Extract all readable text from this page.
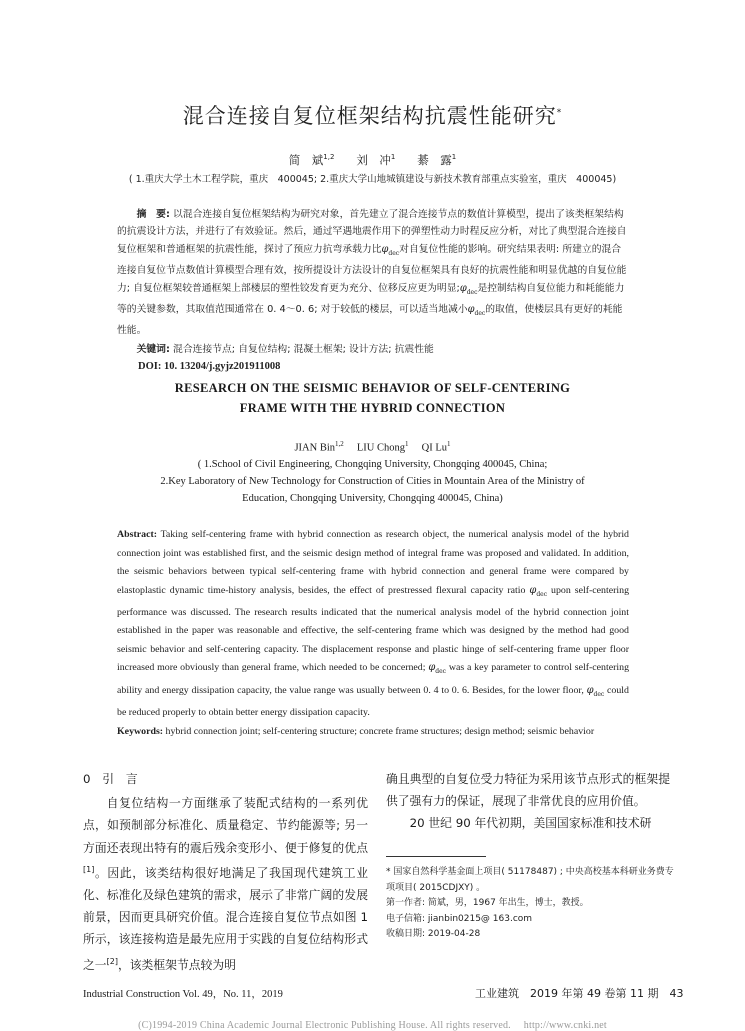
混合连接自复位框架结构抗震性能研究*
简　斌$^{1,2}$ 刘　冲$^1$ 綦　露$^1$
( 1.重庆大学土木工程学院，重庆　400045; 2.重庆大学山地城镇建设与新技术教育部重点实验室，重庆　400045)
摘　要: 以混合连接自复位框架结构为研究对象，首先建立了混合连接节点的数值计算模型，提出了该类框架结构的抗震设计方法，并进行了有效验证。然后，通过罕遇地震作用下的弹塑性动力时程反应分析，对比了典型混合连接自复位框架和普通框架的抗震性能，探讨了预应力抗弯承载力比$\varphi_{dec}$对自复位性能的影响。研究结果表明: 所建立的混合连接自复位节点数值计算模型合理有效，按所提设计方法设计的自复位框架具有良好的抗震性能和明显优越的自复位能力; 自复位框架较普通框架上部楼层的塑性铰发育更为充分、位移反应更为明显$;\varphi_{dec}$是控制结构自复位能力和耗能能力等的关键参数，其取值范围通常在 0. 4～0. 6; 对于较低的楼层，可以适当地减小$\varphi_{dec}$的取值，使楼层具有更好的耗能性能。
关键词: 混合连接节点; 自复位结构; 混凝土框架; 设计方法; 抗震性能
DOI: 10. 13204/j.gyjz201911008
RESEARCH ON THE SEISMIC BEHAVIOR OF SELF-CENTERING
FRAME WITH THE HYBRID CONNECTION
JIAN Bin$^{1,2}$ LIU Chong$^1$ QI Lu$^1$
( 1.School of Civil Engineering, Chongqing University, Chongqing 400045, China;
2.Key Laboratory of New Technology for Construction of Cities in Mountain Area of the Ministry of
Education, Chongqing University, Chongqing 400045, China)
Abstract: Taking self-centering frame with hybrid connection as research object, the numerical analysis model of the hybrid connection joint was established first, and the seismic design method of integral frame was proposed and validated. In addition, the seismic behaviors between typical self-centering frame with hybrid connection and general frame were compared by elastoplastic dynamic time-history analysis, besides, the effect of prestressed flexural capacity ratio $\varphi_{dec}$ upon self-centering performance was discussed. The research results indicated that the numerical analysis model of the hybrid connection joint established in the paper was reasonable and effective, the self-centering frame which was designed by the method had good seismic behavior and self-centering capacity. The displacement response and plastic hinge of self-centering frame upper floor increased more obviously than general frame, which needed to be concerned; $\varphi_{dec}$ was a key parameter to control self-centering ability and energy dissipation capacity, the value range was usually between 0. 4 to 0. 6. Besides, for the lower floor, $\varphi_{dec}$ could be reduced properly to obtain better energy dissipation capacity.
Keywords: hybrid connection joint; self-centering structure; concrete frame structures; design method; seismic behavior
0　引　言
自复位结构一方面继承了装配式结构的一系列优点，如预制部分标准化、质量稳定、节约能源等; 另一方面还表现出特有的震后残余变形小、便于修复的优点[1]。因此，该类结构很好地满足了我国现代建筑工业化、标准化及绿色建筑的需求，展示了非常广阔的发展前景，因而更具研究价值。混合连接自复位节点如图 1 所示，该连接构造是最先应用于实践的自复位结构形式之一[2]，该类框架节点较为明
确且典型的自复位受力特征为采用该节点形式的框架提供了强有力的保证，展现了非常优良的应用价值。
20 世纪 90 年代初期，美国国家标准和技术研
* 国家自然科学基金面上项目( 51178487) ; 中央高校基本科研业务费专项项目( 2015CDJXY) 。
第一作者: 简斌，男，1967 年出生，博士，教授。
电子信箱: jianbin0215@ 163.com
收稿日期: 2019-04-28
Industrial Construction Vol. 49，No. 11，2019	工业建筑　2019 年第 49 卷第 11 期　43
(C)1994-2019 China Academic Journal Electronic Publishing House. All rights reserved.　 http://www.cnki.net
